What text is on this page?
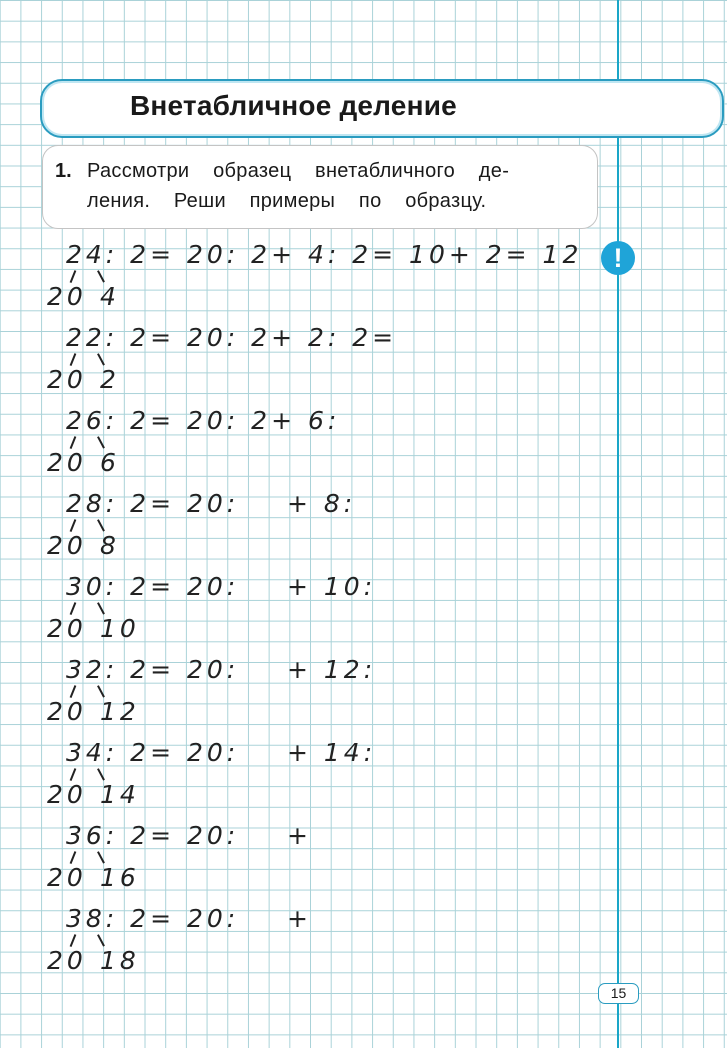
Внетабличное деление
1. Рассмотри  образец  внетабличного  де-
ления.  Реши  примеры  по  образцу.
!
24: 2= 20: 2+ 4: 2= 10+ 2= 12
20 4
22: 2= 20: 2+ 2: 2=
20 2
26: 2= 20: 2+ 6:
20 6
28: 2= 20:    + 8:
20 8
30: 2= 20:    + 10:
20 10
32: 2= 20:    + 12:
20 12
34: 2= 20:    + 14:
20 14
36: 2= 20:    +
20 16
38: 2= 20:    +
20 18
15
